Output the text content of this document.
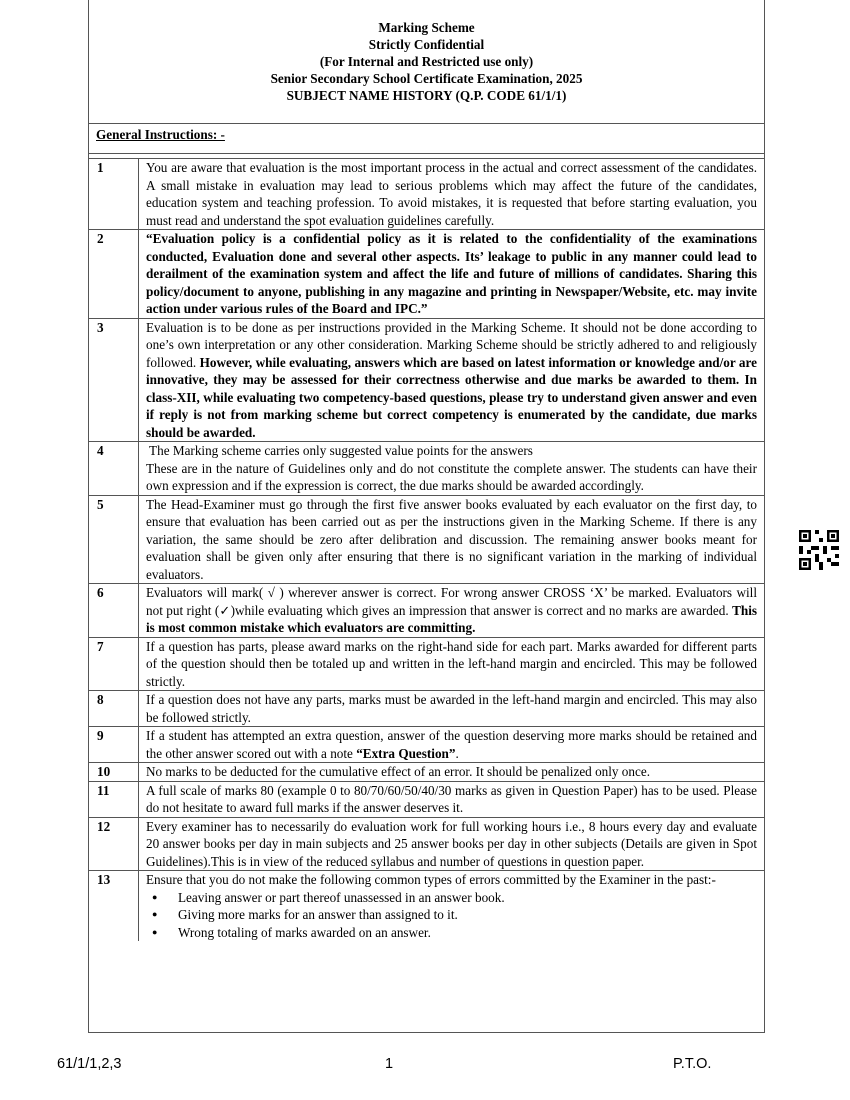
Marking Scheme
Strictly Confidential
(For Internal and Restricted use only)
Senior Secondary School Certificate Examination, 2025
SUBJECT NAME HISTORY (Q.P. CODE 61/1/1)
General Instructions: -
1	You are aware that evaluation is the most important process in the actual and correct assessment of the candidates. A small mistake in evaluation may lead to serious problems which may affect the future of the candidates, education system and teaching profession. To avoid mistakes, it is requested that before starting evaluation, you must read and understand the spot evaluation guidelines carefully.
2	“Evaluation policy is a confidential policy as it is related to the confidentiality of the examinations conducted, Evaluation done and several other aspects. Its’ leakage to public in any manner could lead to derailment of the examination system and affect the life and future of millions of candidates. Sharing this policy/document to anyone, publishing in any magazine and printing in Newspaper/Website, etc. may invite action under various rules of the Board and IPC.”
3	Evaluation is to be done as per instructions provided in the Marking Scheme. It should not be done according to one’s own interpretation or any other consideration. Marking Scheme should be strictly adhered to and religiously followed. However, while evaluating, answers which are based on latest information or knowledge and/or are innovative, they may be assessed for their correctness otherwise and due marks be awarded to them. In class-XII, while evaluating two competency-based questions, please try to understand given answer and even if reply is not from marking scheme but correct competency is enumerated by the candidate, due marks should be awarded.
4	The Marking scheme carries only suggested value points for the answers
These are in the nature of Guidelines only and do not constitute the complete answer. The students can have their own expression and if the expression is correct, the due marks should be awarded accordingly.
5	The Head-Examiner must go through the first five answer books evaluated by each evaluator on the first day, to ensure that evaluation has been carried out as per the instructions given in the Marking Scheme. If there is any variation, the same should be zero after delibration and discussion. The remaining answer books meant for evaluation shall be given only after ensuring that there is no significant variation in the marking of individual evaluators.
6	Evaluators will mark( √ ) wherever answer is correct. For wrong answer CROSS ‘X’ be marked. Evaluators will not put right (✓)while evaluating which gives an impression that answer is correct and no marks are awarded. This is most common mistake which evaluators are committing.
7	If a question has parts, please award marks on the right-hand side for each part. Marks awarded for different parts of the question should then be totaled up and written in the left-hand margin and encircled. This may be followed strictly.
8	If a question does not have any parts, marks must be awarded in the left-hand margin and encircled. This may also be followed strictly.
9	If a student has attempted an extra question, answer of the question deserving more marks should be retained and the other answer scored out with a note “Extra Question”.
10	No marks to be deducted for the cumulative effect of an error. It should be penalized only once.
11	A full scale of marks 80 (example 0 to 80/70/60/50/40/30 marks as given in Question Paper) has to be used. Please do not hesitate to award full marks if the answer deserves it.
12	Every examiner has to necessarily do evaluation work for full working hours i.e., 8 hours every day and evaluate 20 answer books per day in main subjects and 25 answer books per day in other subjects (Details are given in Spot Guidelines).This is in view of the reduced syllabus and number of questions in question paper.
13	Ensure that you do not make the following common types of errors committed by the Examiner in the past:-
● Leaving answer or part thereof unassessed in an answer book.
● Giving more marks for an answer than assigned to it.
● Wrong totaling of marks awarded on an answer.
61/1/1,2,3	1	P.T.O.
